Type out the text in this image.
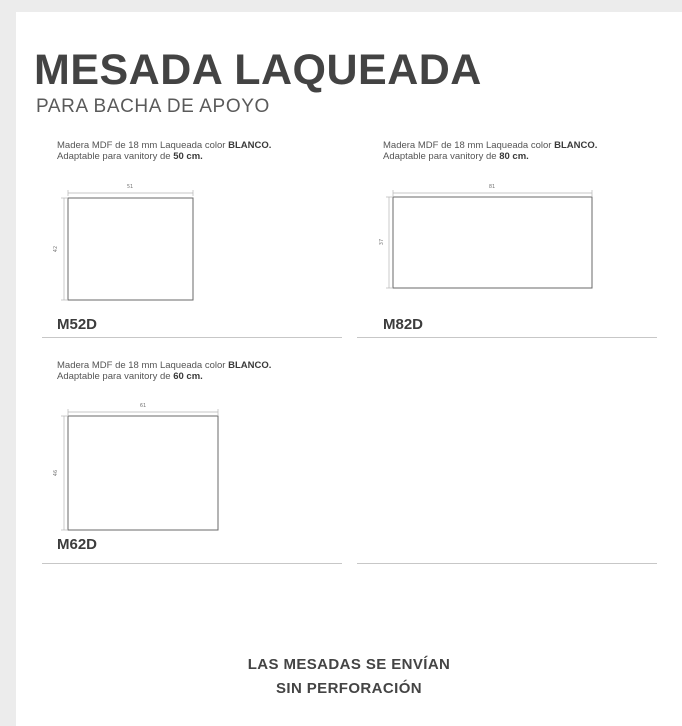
MESADA LAQUEADA
PARA BACHA DE APOYO
Madera MDF de 18 mm Laqueada color BLANCO.
Adaptable para vanitory de 50 cm.
51
42
M52D
Madera MDF de 18 mm Laqueada color BLANCO.
Adaptable para vanitory de 80 cm.
81
37
M82D
Madera MDF de 18 mm Laqueada color BLANCO.
Adaptable para vanitory de 60 cm.
61
46
M62D
LAS MESADAS SE ENVÍAN
SIN PERFORACIÓN
